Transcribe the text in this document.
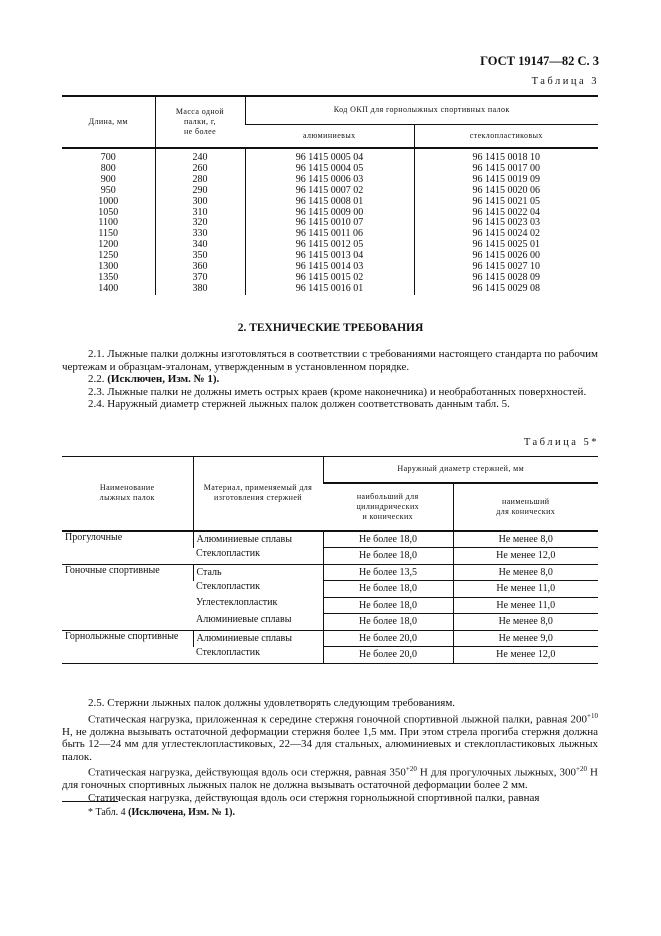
ГОСТ 19147—82 С. 3
Таблица 3
Длина, мм	Масса одной
палки, г,
не более	Код ОКП для горнолыжных спортивных палок	
		алюминиевых	стеклопластиковых

700	240	96 1415 0005 04	96 1415 0018 10
800	260	96 1415 0004 05	96 1415 0017 00
900	280	96 1415 0006 03	96 1415 0019 09
950	290	96 1415 0007 02	96 1415 0020 06
1000	300	96 1415 0008 01	96 1415 0021 05
1050	310	96 1415 0009 00	96 1415 0022 04
1100	320	96 1415 0010 07	96 1415 0023 03
1150	330	96 1415 0011 06	96 1415 0024 02
1200	340	96 1415 0012 05	96 1415 0025 01
1250	350	96 1415 0013 04	96 1415 0026 00
1300	360	96 1415 0014 03	96 1415 0027 10
1350	370	96 1415 0015 02	96 1415 0028 09
1400	380	96 1415 0016 01	96 1415 0029 08
2. ТЕХНИЧЕСКИЕ ТРЕБОВАНИЯ

2.1. Лыжные палки должны изготовляться в соответствии с требованиями настоящего стандарта по рабочим чертежам и образцам-эталонам, утвержденным в установленном порядке.

2.2. (Исключен, Изм. № 1).

2.3. Лыжные палки не должны иметь острых краев (кроме наконечника) и необработанных поверхностей.

2.4. Наружный диаметр стержней лыжных палок должен соответствовать данным табл. 5.

Таблица 5*
Наименование
лыжных палок	Материал, применяемый для
изготовления стержней	Наружный диаметр стержней, мм	
		наибольший для
цилиндрических
и конических	наименьший
для конических
Прогулочные	Алюминиевые сплавы	Не более 18,0	Не менее 8,0
	Стеклопластик	Не более 18,0	Не менее 12,0
Гоночные спортивные	Сталь	Не более 13,5	Не менее 8,0
	Стеклопластик	Не более 18,0	Не менее 11,0
	Углестеклопластик	Не более 18,0	Не менее 11,0
	Алюминиевые сплавы	Не более 18,0	Не менее 8,0
Горнолыжные спортивные	Алюминиевые сплавы	Не более 20,0	Не менее 9,0
	Стеклопластик	Не более 20,0	Не менее 12,0

2.5. Стержни лыжных палок должны удовлетворять следующим требованиям.

Статическая нагрузка, приложенная к середине стержня гоночной спортивной лыжной палки, равная $200^{+10}$ Н, не должна вызывать остаточной деформации стержня более 1,5 мм. При этом стрела прогиба стержня должна быть 12—24 мм для углестеклопластиковых, 22—34 для стальных, алюминиевых и стеклопластиковых лыжных палок.

Статическая нагрузка, действующая вдоль оси стержня, равная $350^{+20}$ Н для прогулочных лыжных, $300^{+20}$ Н для гоночных спортивных лыжных палок не должна вызывать остаточной деформации более 2 мм.

Статическая нагрузка, действующая вдоль оси стержня горнолыжной спортивной палки, равная

* Табл. 4 (Исключена, Изм. № 1).
